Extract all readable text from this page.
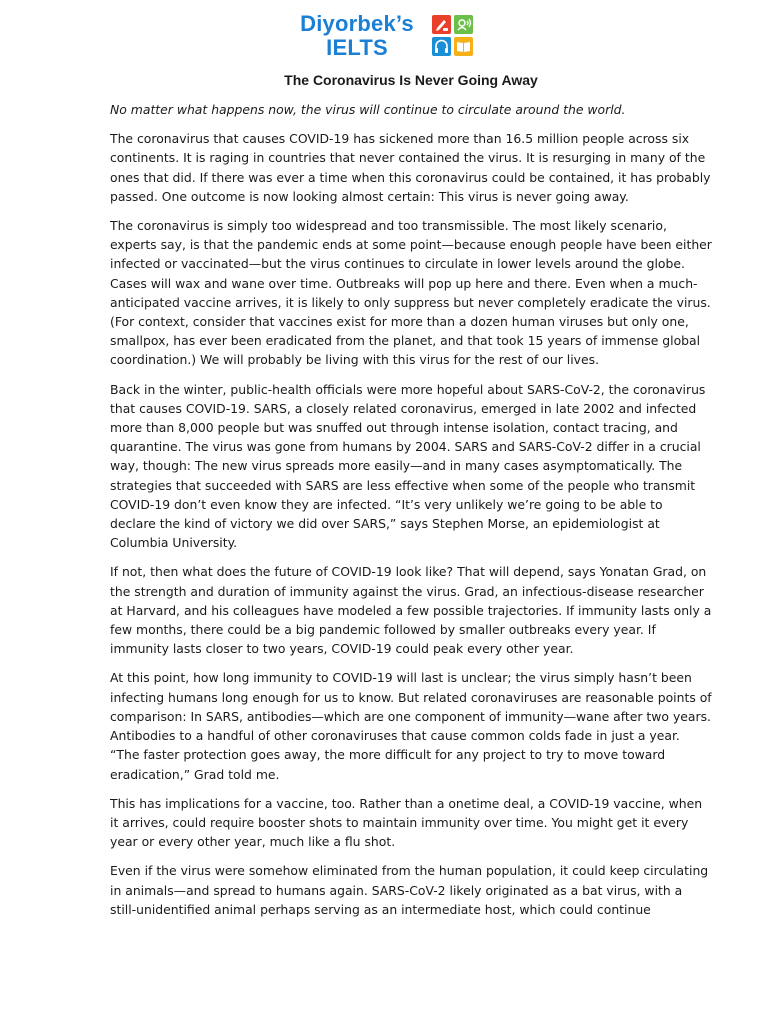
Diyorbek’s
IELTS
The Coronavirus Is Never Going Away

No matter what happens now, the virus will continue to circulate around the world.

The coronavirus that causes COVID-19 has sickened more than 16.5 million people across six continents. It is raging in countries that never contained the virus. It is resurging in many of the ones that did. If there was ever a time when this coronavirus could be contained, it has probably passed. One outcome is now looking almost certain: This virus is never going away.

The coronavirus is simply too widespread and too transmissible. The most likely scenario, experts say, is that the pandemic ends at some point—because enough people have been either infected or vaccinated—but the virus continues to circulate in lower levels around the globe. Cases will wax and wane over time. Outbreaks will pop up here and there. Even when a much-anticipated vaccine arrives, it is likely to only suppress but never completely eradicate the virus. (For context, consider that vaccines exist for more than a dozen human viruses but only one, smallpox, has ever been eradicated from the planet, and that took 15 years of immense global coordination.) We will probably be living with this virus for the rest of our lives.

Back in the winter, public-health officials were more hopeful about SARS-CoV-2, the coronavirus that causes COVID-19. SARS, a closely related coronavirus, emerged in late 2002 and infected more than 8,000 people but was snuffed out through intense isolation, contact tracing, and quarantine. The virus was gone from humans by 2004. SARS and SARS-CoV-2 differ in a crucial way, though: The new virus spreads more easily—and in many cases asymptomatically. The strategies that succeeded with SARS are less effective when some of the people who transmit COVID-19 don’t even know they are infected. “It’s very unlikely we’re going to be able to declare the kind of victory we did over SARS,” says Stephen Morse, an epidemiologist at Columbia University.

If not, then what does the future of COVID-19 look like? That will depend, says Yonatan Grad, on the strength and duration of immunity against the virus. Grad, an infectious-disease researcher at Harvard, and his colleagues have modeled a few possible trajectories. If immunity lasts only a few months, there could be a big pandemic followed by smaller outbreaks every year. If immunity lasts closer to two years, COVID-19 could peak every other year.

At this point, how long immunity to COVID-19 will last is unclear; the virus simply hasn’t been infecting humans long enough for us to know. But related coronaviruses are reasonable points of comparison: In SARS, antibodies—which are one component of immunity—wane after two years. Antibodies to a handful of other coronaviruses that cause common colds fade in just a year. “The faster protection goes away, the more difficult for any project to try to move toward eradication,” Grad told me.

This has implications for a vaccine, too. Rather than a onetime deal, a COVID-19 vaccine, when it arrives, could require booster shots to maintain immunity over time. You might get it every year or every other year, much like a flu shot.

Even if the virus were somehow eliminated from the human population, it could keep circulating in animals—and spread to humans again. SARS-CoV-2 likely originated as a bat virus, with a still-unidentified animal perhaps serving as an intermediate host, which could continue
